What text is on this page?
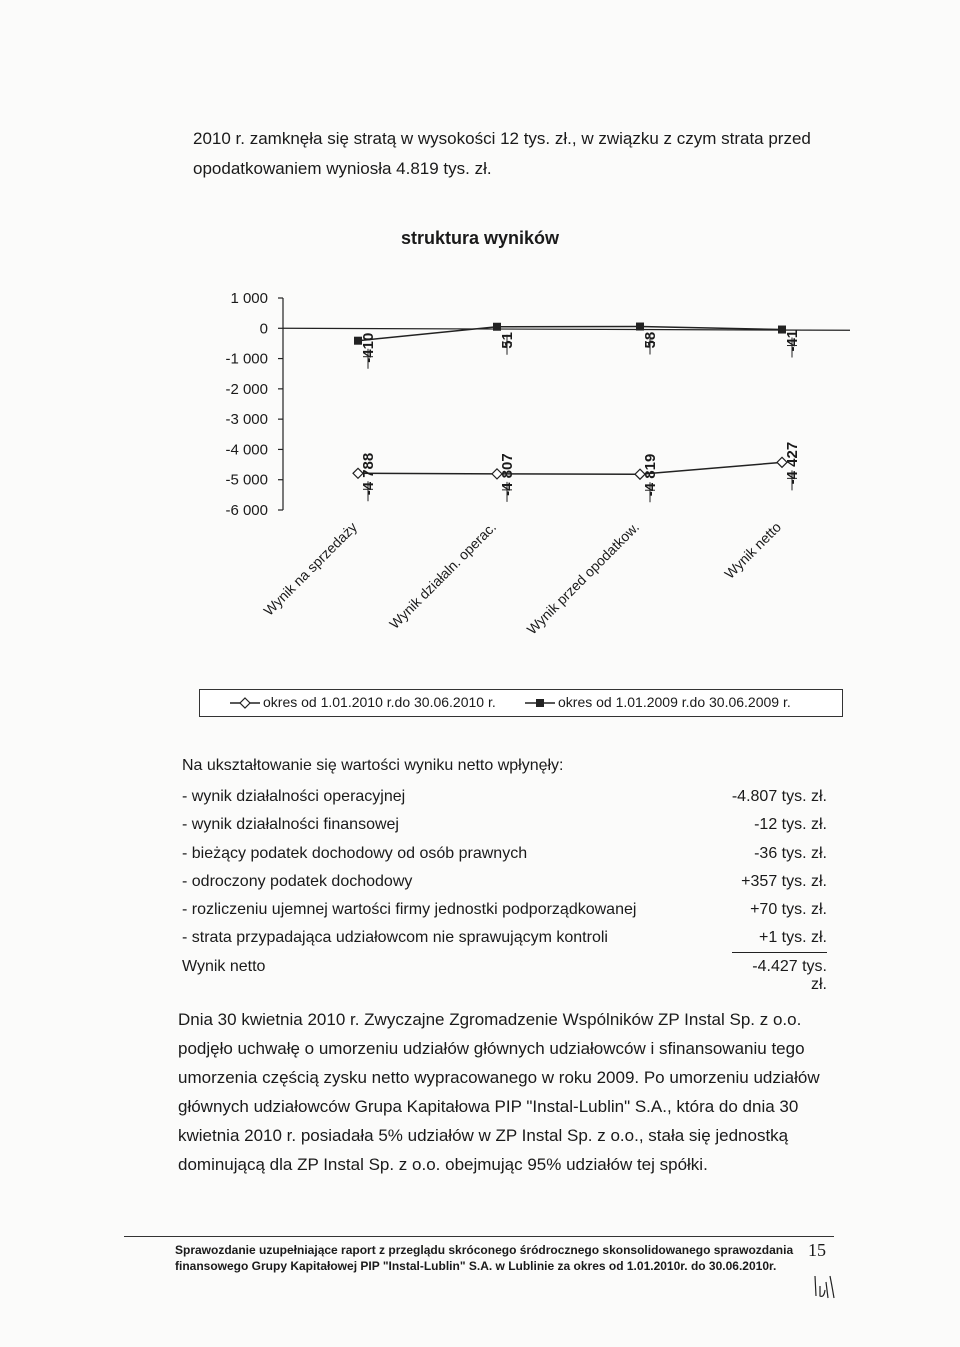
2010 r. zamknęła się stratą w wysokości 12 tys. zł., w związku z czym strata przed
opodatkowaniem wyniosła 4.819 tys. zł.
struktura wyników
1 000
0
-1 000
-2 000
-3 000
-4 000
-5 000
-6 000
-4 788	-4 807	-4 819	-4 427
-410	51	58	-41
Wynik na sprzedaży Wynik działaln. operac. Wynik przed opodatkow.	Wynik netto
okres od 1.01.2010 r.do 30.06.2010 r.	okres od 1.01.2009 r.do 30.06.2009 r.
Na ukształtowanie się wartości wyniku netto wpłynęły:
- wynik działalności operacyjnej	-4.807 tys. zł.
- wynik działalności finansowej	-12 tys. zł.
- bieżący podatek dochodowy od osób prawnych	-36 tys. zł.
- odroczony podatek dochodowy	+357 tys. zł.
- rozliczeniu ujemnej wartości firmy jednostki podporządkowanej	+70 tys. zł.
- strata przypadająca udziałowcom nie sprawującym kontroli	+1 tys. zł.
Wynik netto	-4.427 tys. zł.
Dnia 30 kwietnia 2010 r. Zwyczajne Zgromadzenie Wspólników ZP Instal Sp. z o.o.
podjęło uchwałę o umorzeniu udziałów głównych udziałowców i sfinansowaniu tego
umorzenia częścią zysku netto wypracowanego w roku 2009. Po umorzeniu udziałów
głównych udziałowców Grupa Kapitałowa PIP "Instal-Lublin" S.A., która do dnia 30
kwietnia 2010 r. posiadała 5% udziałów w ZP Instal Sp. z o.o., stała się jednostką
dominującą dla ZP Instal Sp. z o.o. obejmując 95% udziałów tej spółki.
Sprawozdanie uzupełniające raport z przeglądu skróconego śródrocznego skonsolidowanego sprawozdania
finansowego Grupy Kapitałowej PIP "Instal-Lublin" S.A. w Lublinie za okres od 1.01.2010r. do 30.06.2010r.
15
